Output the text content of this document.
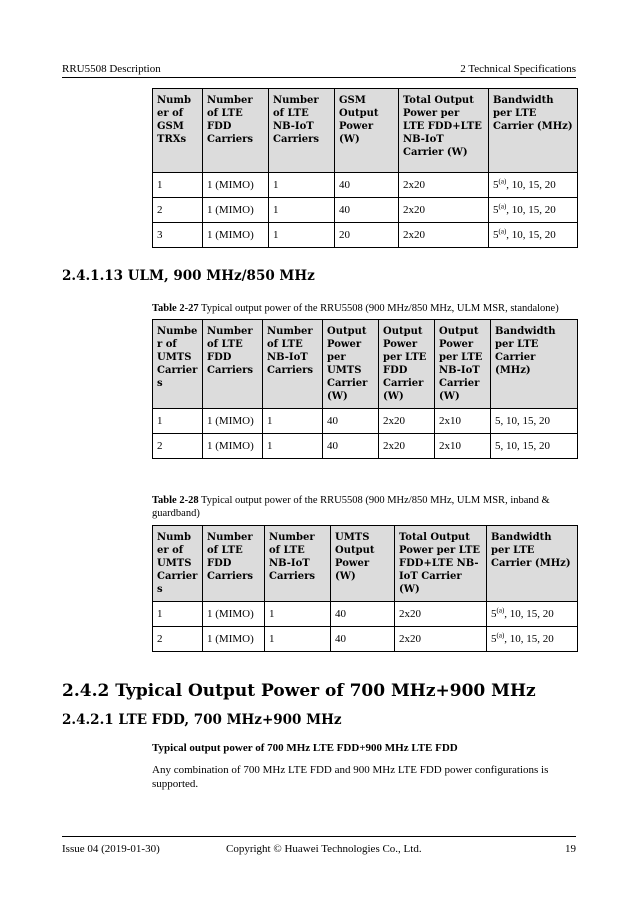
RRU5508 Description	2 Technical Specifications
Numb er of GSM TRXs	Number of LTE FDD Carriers	Number of LTE NB-IoT Carriers	GSM Output Power (W)	Total Output Power per LTE FDD+LTE NB-IoT Carrier (W)	Bandwidth per LTE Carrier (MHz)
1	1 (MIMO)	1	40	2x20	5$^{(a)}$, 10, 15, 20
2	1 (MIMO)	1	40	2x20	5$^{(a)}$, 10, 15, 20
3	1 (MIMO)	1	20	2x20	5$^{(a)}$, 10, 15, 20
2.4.1.13 ULM, 900 MHz/850 MHz
Table 2-27 Typical output power of the RRU5508 (900 MHz/850 MHz, ULM MSR, standalone)
Numbe r of UMTS Carrier s	Number of LTE FDD Carriers	Number of LTE NB-IoT Carriers	Output Power per UMTS Carrier (W)	Output Power per LTE FDD Carrier (W)	Output Power per LTE NB-IoT Carrier (W)	Bandwidth per LTE Carrier (MHz)
1	1 (MIMO)	1	40	2x20	2x10	5, 10, 15, 20
2	1 (MIMO)	1	40	2x20	2x10	5, 10, 15, 20
Table 2-28 Typical output power of the RRU5508 (900 MHz/850 MHz, ULM MSR, inband & guardband)
Numb er of UMTS Carrier s	Number of LTE FDD Carriers	Number of LTE NB-IoT Carriers	UMTS Output Power (W)	Total Output Power per LTE FDD+LTE NB-IoT Carrier (W)	Bandwidth per LTE Carrier (MHz)
1	1 (MIMO)	1	40	2x20	5$^{(a)}$, 10, 15, 20
2	1 (MIMO)	1	40	2x20	5$^{(a)}$, 10, 15, 20
2.4.2 Typical Output Power of 700 MHz+900 MHz
2.4.2.1 LTE FDD, 700 MHz+900 MHz
Typical output power of 700 MHz LTE FDD+900 MHz LTE FDD
Any combination of 700 MHz LTE FDD and 900 MHz LTE FDD power configurations is supported.
Issue 04 (2019-01-30)	Copyright © Huawei Technologies Co., Ltd.	19
